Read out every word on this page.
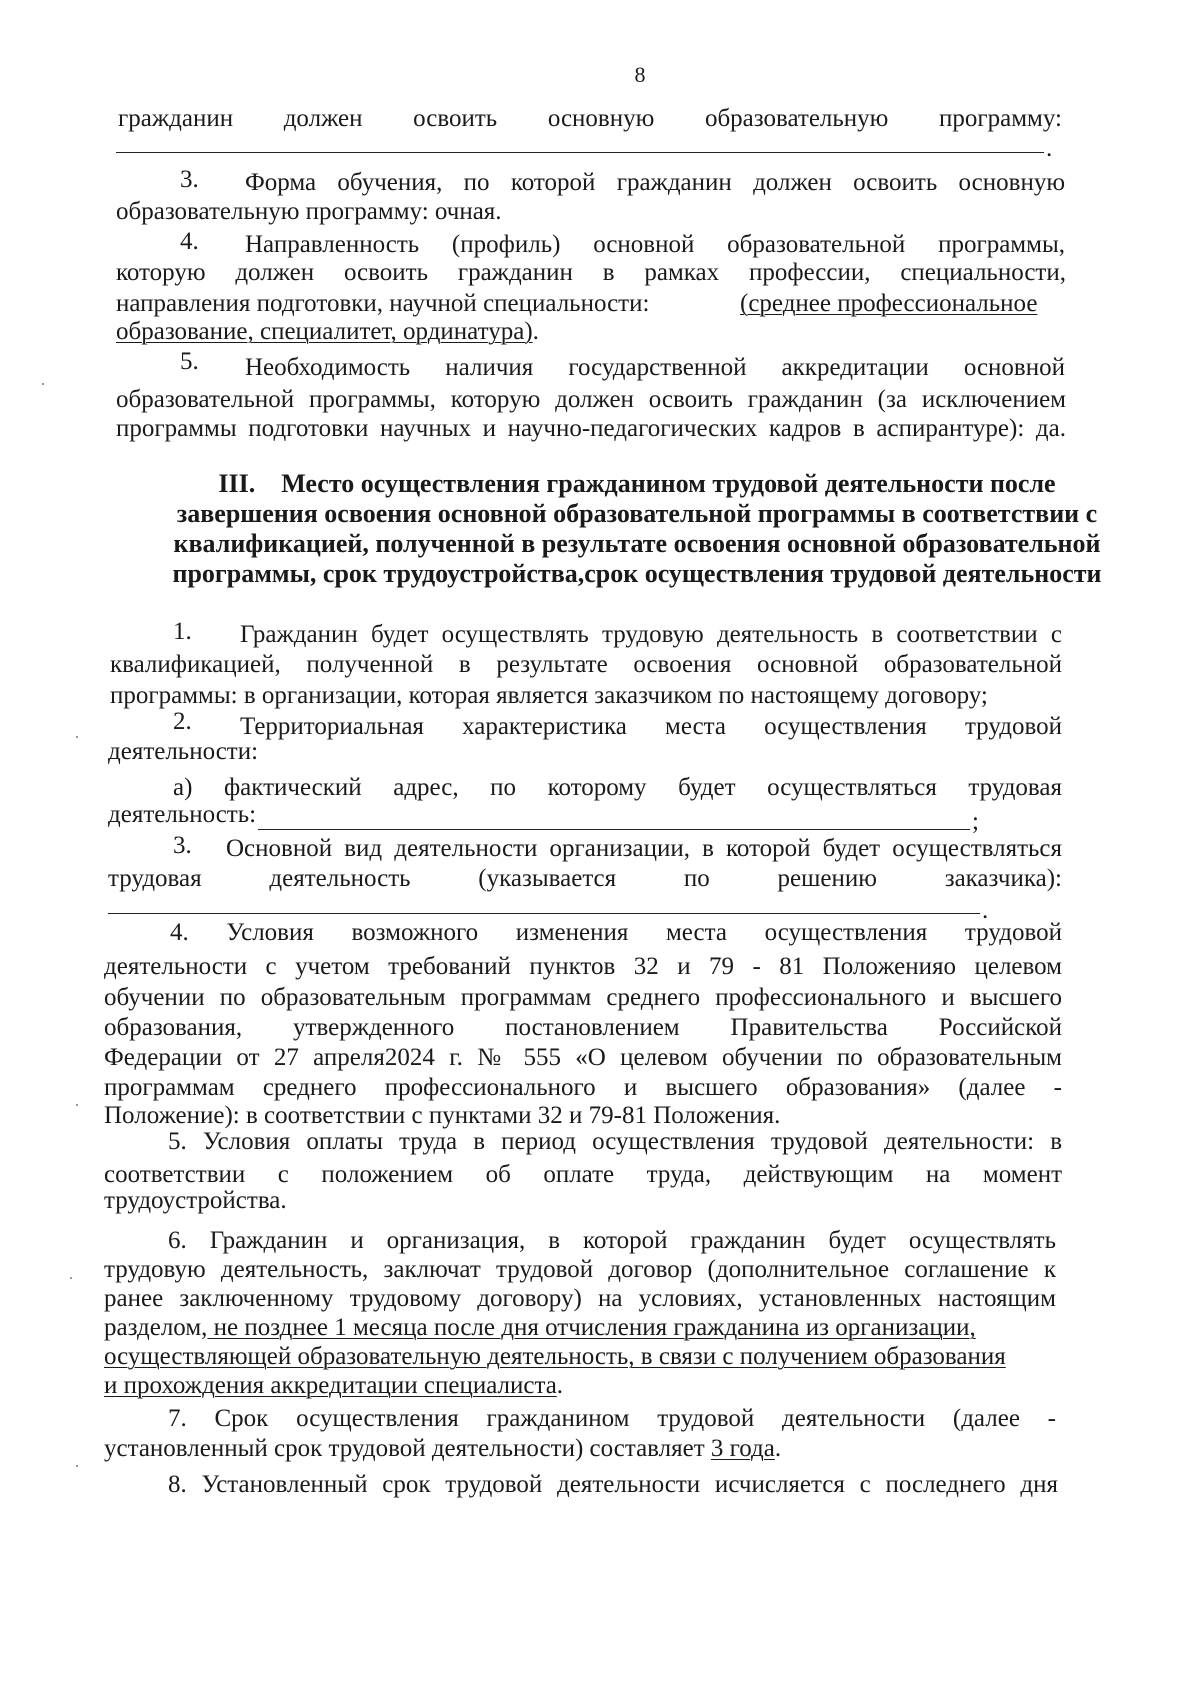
8
гражданин должен освоить основную образовательную программу:
.
3. Форма обучения, по которой гражданин должен освоить основную
образовательную программу: очная.
4. Направленность (профиль) основной образовательной программы,
которую должен освоить гражданин в рамках профессии, специальности,
направления подготовки, научной специальности:	(среднее профессиональное
образование, специалитет, ординатура).
5. Необходимость наличия государственной аккредитации основной
образовательной программы, которую должен освоить гражданин (за исключением
программы подготовки научных и научно-педагогических кадров в аспирантуре): да.
III. Место осуществления гражданином трудовой деятельности после
завершения освоения основной образовательной программы в соответствии с
квалификацией, полученной в результате освоения основной образовательной
программы, срок трудоустройства,срок осуществления трудовой деятельности
1. Гражданин будет осуществлять трудовую деятельность в соответствии с
квалификацией, полученной в результате освоения основной образовательной
программы: в организации, которая является заказчиком по настоящему договору;
2. Территориальная характеристика места осуществления трудовой
деятельности:
а) фактический адрес, по которому будет осуществляться трудовая
деятельность:	;
3. Основной вид деятельности организации, в которой будет осуществляться
трудовая деятельность (указывается по решению заказчика):
.
4. Условия возможного изменения места осуществления трудовой
деятельности с учетом требований пунктов 32 и 79 - 81 Положенияо целевом
обучении по образовательным программам среднего профессионального и высшего
образования, утвержденного постановлением Правительства Российской
Федерации от 27 апреля2024 г. № 555 «О целевом обучении по образовательным
программам среднего профессионального и высшего образования» (далее -
Положение): в соответствии с пунктами 32 и 79-81 Положения.
5. Условия оплаты труда в период осуществления трудовой деятельности: в
соответствии с положением об оплате труда, действующим на момент
трудоустройства.
6. Гражданин и организация, в которой гражданин будет осуществлять
трудовую деятельность, заключат трудовой договор (дополнительное соглашение к
ранее заключенному трудовому договору) на условиях, установленных настоящим
разделом, не позднее 1 месяца после дня отчисления гражданина из организации,
осуществляющей образовательную деятельность, в связи с получением образования
и прохождения аккредитации специалиста.
7. Срок осуществления гражданином трудовой деятельности (далее -
установленный срок трудовой деятельности) составляет 3 года.
8. Установленный срок трудовой деятельности исчисляется с последнего дня
